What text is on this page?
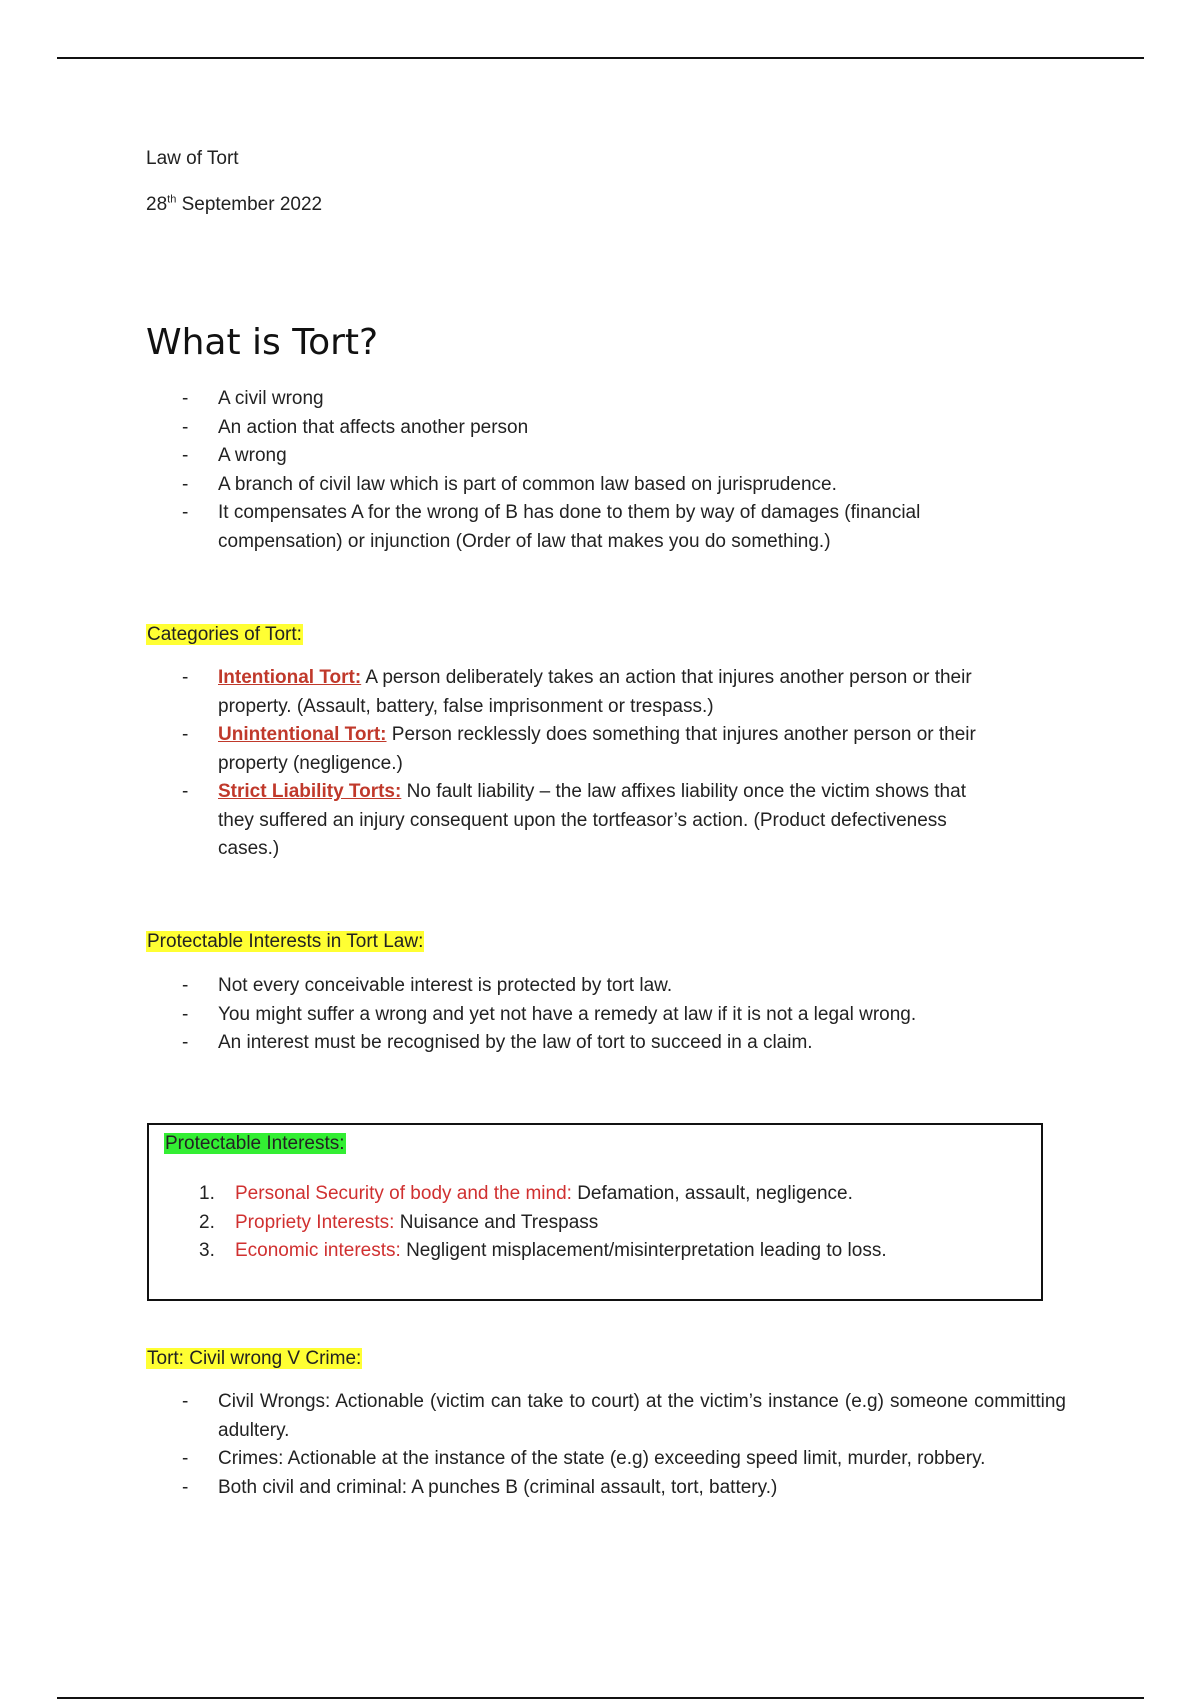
Law of Tort
28th September 2022
What is Tort?
- A civil wrong
- An action that affects another person
- A wrong
- A branch of civil law which is part of common law based on jurisprudence.
- It compensates A for the wrong of B has done to them by way of damages (financial compensation) or injunction (Order of law that makes you do something.)
Categories of Tort:
- Intentional Tort: A person deliberately takes an action that injures another person or their property. (Assault, battery, false imprisonment or trespass.)
- Unintentional Tort: Person recklessly does something that injures another person or their property (negligence.)
- Strict Liability Torts: No fault liability – the law affixes liability once the victim shows that they suffered an injury consequent upon the tortfeasor’s action. (Product defectiveness cases.)
Protectable Interests in Tort Law:
- Not every conceivable interest is protected by tort law.
- You might suffer a wrong and yet not have a remedy at law if it is not a legal wrong.
- An interest must be recognised by the law of tort to succeed in a claim.
Protectable Interests:
1. Personal Security of body and the mind: Defamation, assault, negligence.
2. Propriety Interests: Nuisance and Trespass
3. Economic interests: Negligent misplacement/misinterpretation leading to loss.
Tort: Civil wrong V Crime:
- Civil Wrongs: Actionable (victim can take to court) at the victim’s instance (e.g) someone committing adultery.
- Crimes: Actionable at the instance of the state (e.g) exceeding speed limit, murder, robbery.
- Both civil and criminal: A punches B (criminal assault, tort, battery.)
